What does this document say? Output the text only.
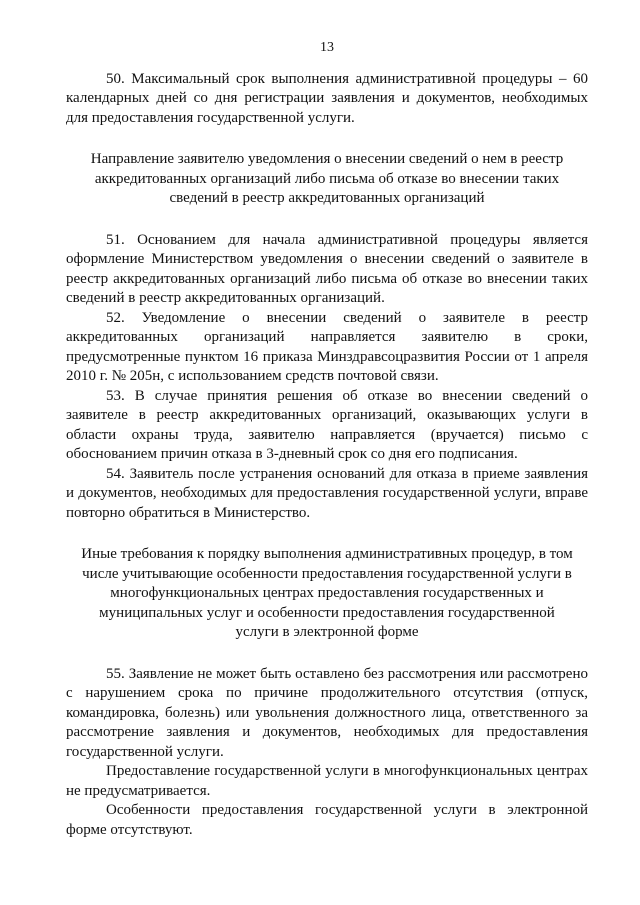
13

50. Максимальный срок выполнения административной процедуры – 60 календарных дней со дня регистрации заявления и документов, необходимых для предоставления государственной услуги.

Направление заявителю уведомления о внесении сведений о нем в реестр аккредитованных организаций либо письма об отказе во внесении таких сведений в реестр аккредитованных организаций

51. Основанием для начала административной процедуры является оформление Министерством уведомления о внесении сведений о заявителе в реестр аккредитованных организаций либо письма об отказе во внесении таких сведений в реестр аккредитованных организаций.

52. Уведомление о внесении сведений о заявителе в реестр аккредитованных организаций направляется заявителю в сроки, предусмотренные пунктом 16 приказа Минздравсоцразвития России от 1 апреля 2010 г. № 205н, с использованием средств почтовой связи.

53. В случае принятия решения об отказе во внесении сведений о заявителе в реестр аккредитованных организаций, оказывающих услуги в области охраны труда, заявителю направляется (вручается) письмо с обоснованием причин отказа в 3-дневный срок со дня его подписания.

54. Заявитель после устранения оснований для отказа в приеме заявления и документов, необходимых для предоставления государственной услуги, вправе повторно обратиться в Министерство.

Иные требования к порядку выполнения административных процедур, в том числе учитывающие особенности предоставления государственной услуги в многофункциональных центрах предоставления государственных и муниципальных услуг и особенности предоставления государственной услуги в электронной форме

55. Заявление не может быть оставлено без рассмотрения или рассмотрено с нарушением срока по причине продолжительного отсутствия (отпуск, командировка, болезнь) или увольнения должностного лица, ответственного за рассмотрение заявления и документов, необходимых для предоставления государственной услуги.

Предоставление государственной услуги в многофункциональных центрах не предусматривается.

Особенности предоставления государственной услуги в электронной форме отсутствуют.
